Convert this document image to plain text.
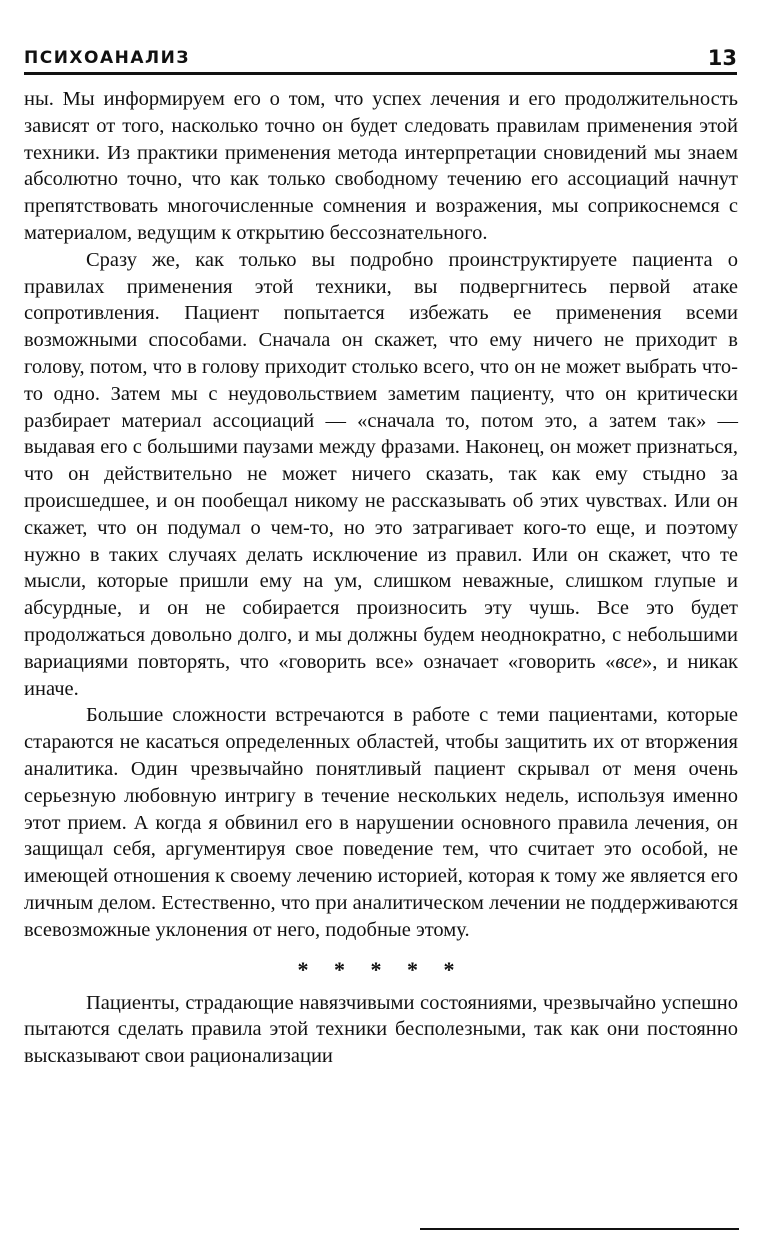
ПСИХОАНАЛИЗ	13

ны. Мы информируем его о том, что успех лечения и его продолжительность зависят от того, насколько точно он будет следовать правилам применения этой техники. Из практики применения метода интерпретации сновидений мы знаем абсолютно точно, что как только свободному течению его ассоциаций начнут препятствовать многочисленные сомнения и возражения, мы соприкоснемся с материалом, ведущим к открытию бессознательного.

Сразу же, как только вы подробно проинструктируете пациента о правилах применения этой техники, вы подвергнитесь первой атаке сопротивления. Пациент попытается избежать ее применения всеми возможными способами. Сначала он скажет, что ему ничего не приходит в голову, потом, что в голову приходит столько всего, что он не может выбрать что-то одно. Затем мы с неудовольствием заметим пациенту, что он критически разбирает материал ассоциаций — «сначала то, потом это, а затем так» — выдавая его с большими паузами между фразами. Наконец, он может признаться, что он действительно не может ничего сказать, так как ему стыдно за происшедшее, и он пообещал никому не рассказывать об этих чувствах. Или он скажет, что он подумал о чем-то, но это затрагивает кого-то еще, и поэтому нужно в таких случаях делать исключение из правил. Или он скажет, что те мысли, которые пришли ему на ум, слишком неважные, слишком глупые и абсурдные, и он не собирается произносить эту чушь. Все это будет продолжаться довольно долго, и мы должны будем неоднократно, с небольшими вариациями повторять, что «говорить все» означает «говорить «все», и никак иначе.

Большие сложности встречаются в работе с теми пациентами, которые стараются не касаться определенных областей, чтобы защитить их от вторжения аналитика. Один чрезвычайно понятливый пациент скрывал от меня очень серьезную любовную интригу в течение нескольких недель, используя именно этот прием. А когда я обвинил его в нарушении основного правила лечения, он защищал себя, аргументируя свое поведение тем, что считает это особой, не имеющей отношения к своему лечению историей, которая к тому же является его личным делом. Естественно, что при аналитическом лечении не поддерживаются всевозможные уклонения от него, подобные этому.

* * * * *

Пациенты, страдающие навязчивыми состояниями, чрезвычайно успешно пытаются сделать правила этой техники бесполезными, так как они постоянно высказывают свои рационализации
